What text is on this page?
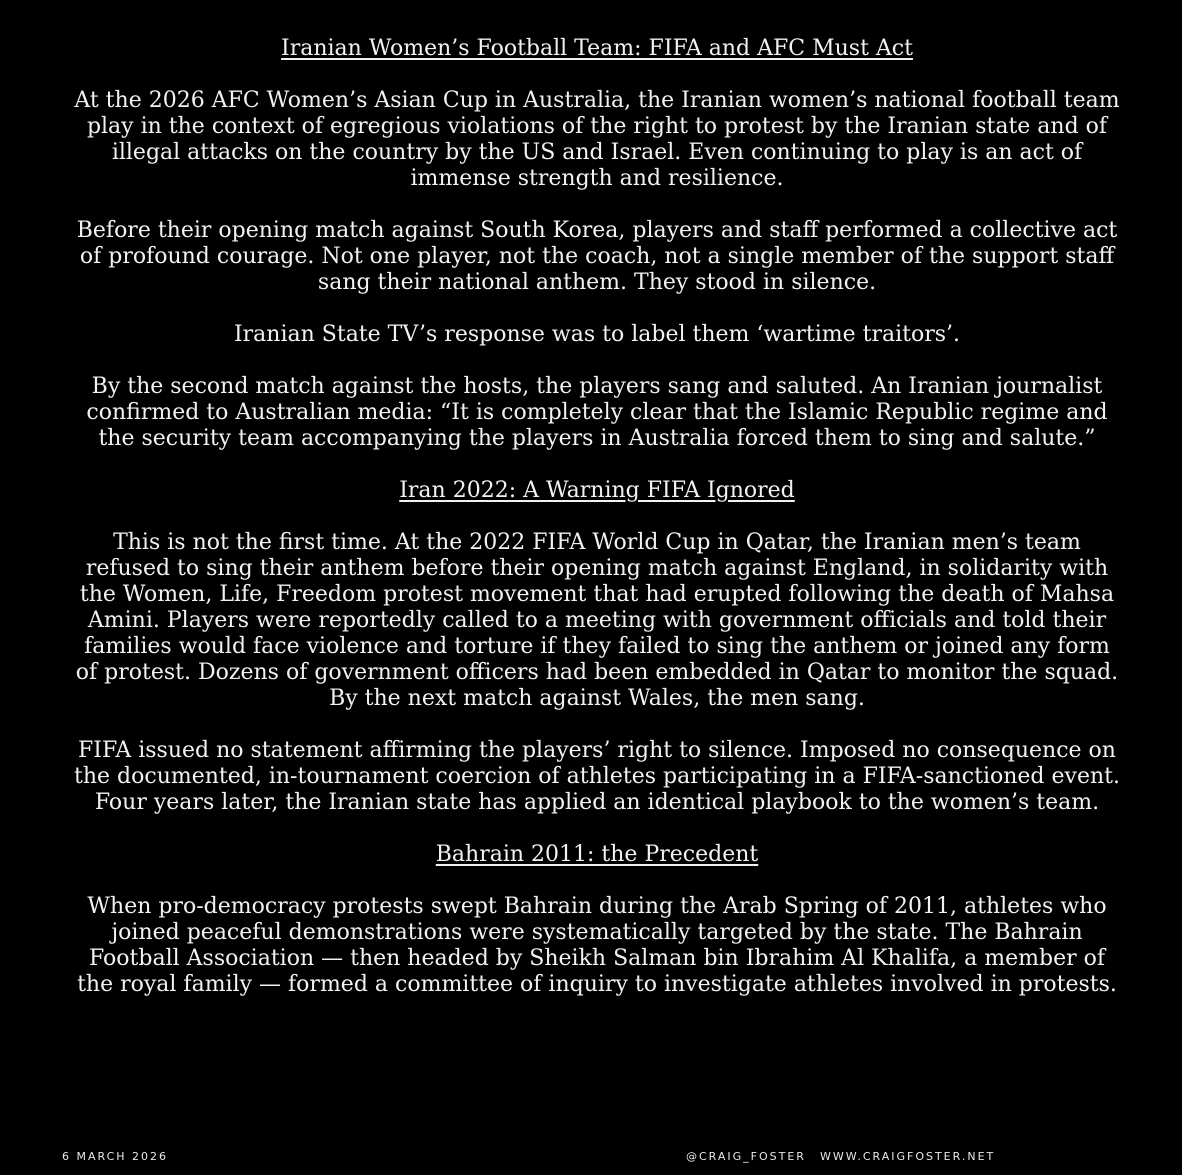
Iranian Women’s Football Team: FIFA and AFC Must Act

At the 2026 AFC Women’s Asian Cup in Australia, the Iranian women’s national football team play in the context of egregious violations of the right to protest by the Iranian state and of illegal attacks on the country by the US and Israel. Even continuing to play is an act of immense strength and resilience.

Before their opening match against South Korea, players and staff performed a collective act of profound courage. Not one player, not the coach, not a single member of the support staff sang their national anthem. They stood in silence.

Iranian State TV’s response was to label them ‘wartime traitors’.

By the second match against the hosts, the players sang and saluted. An Iranian journalist confirmed to Australian media: “It is completely clear that the Islamic Republic regime and the security team accompanying the players in Australia forced them to sing and salute.”

Iran 2022: A Warning FIFA Ignored

This is not the first time. At the 2022 FIFA World Cup in Qatar, the Iranian men’s team refused to sing their anthem before their opening match against England, in solidarity with the Women, Life, Freedom protest movement that had erupted following the death of Mahsa Amini. Players were reportedly called to a meeting with government officials and told their families would face violence and torture if they failed to sing the anthem or joined any form of protest. Dozens of government officers had been embedded in Qatar to monitor the squad. By the next match against Wales, the men sang.

FIFA issued no statement affirming the players’ right to silence. Imposed no consequence on the documented, in-tournament coercion of athletes participating in a FIFA-sanctioned event. Four years later, the Iranian state has applied an identical playbook to the women’s team.

Bahrain 2011: the Precedent

When pro-democracy protests swept Bahrain during the Arab Spring of 2011, athletes who joined peaceful demonstrations were systematically targeted by the state. The Bahrain Football Association — then headed by Sheikh Salman bin Ibrahim Al Khalifa, a member of the royal family — formed a committee of inquiry to investigate athletes involved in protests.

6 MARCH 2026	@CRAIG_FOSTER WWW.CRAIGFOSTER.NET
